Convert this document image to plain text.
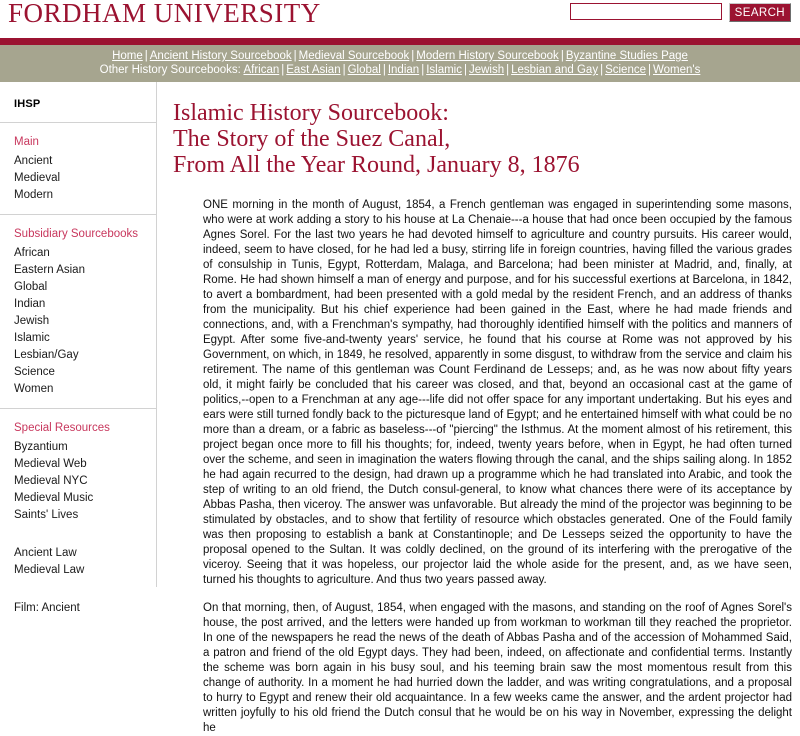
FORDHAM UNIVERSITY	SEARCH
Home | Ancient History Sourcebook | Medieval Sourcebook | Modern History Sourcebook | Byzantine Studies Page
Other History Sourcebooks: African | East Asian | Global | Indian | Islamic | Jewish | Lesbian and Gay | Science | Women's
IHSP
Main
Ancient
Medieval
Modern
Subsidiary Sourcebooks
African
Eastern Asian
Global
Indian
Jewish
Islamic
Lesbian/Gay
Science
Women
Special Resources
Byzantium
Medieval Web
Medieval NYC
Medieval Music
Saints' Lives
Ancient Law
Medieval Law
Film: Ancient
Islamic History Sourcebook:
The Story of the Suez Canal,
From All the Year Round, January 8, 1876

ONE morning in the month of August, 1854, a French gentleman was engaged in superintending some masons, who were at work adding a story to his house at La Chenaie---a house that had once been occupied by the famous Agnes Sorel. For the last two years he had devoted himself to agriculture and country pursuits. His career would, indeed, seem to have closed, for he had led a busy, stirring life in foreign countries, having filled the various grades of consulship in Tunis, Egypt, Rotterdam, Malaga, and Barcelona; had been minister at Madrid, and, finally, at Rome. He had shown himself a man of energy and purpose, and for his successful exertions at Barcelona, in 1842, to avert a bombardment, had been presented with a gold medal by the resident French, and an address of thanks from the municipality. But his chief experience had been gained in the East, where he had made friends and connections, and, with a Frenchman's sympathy, had thoroughly identified himself with the politics and manners of Egypt. After some five-and-twenty years' service, he found that his course at Rome was not approved by his Government, on which, in 1849, he resolved, apparently in some disgust, to withdraw from the service and claim his retirement. The name of this gentleman was Count Ferdinand de Lesseps; and, as he was now about fifty years old, it might fairly be concluded that his career was closed, and that, beyond an occasional cast at the game of politics,--open to a Frenchman at any age---life did not offer space for any important undertaking. But his eyes and ears were still turned fondly back to the picturesque land of Egypt; and he entertained himself with what could be no more than a dream, or a fabric as baseless---of "piercing" the Isthmus. At the moment almost of his retirement, this project began once more to fill his thoughts; for, indeed, twenty years before, when in Egypt, he had often turned over the scheme, and seen in imagination the waters flowing through the canal, and the ships sailing along. In 1852 he had again recurred to the design, had drawn up a programme which he had translated into Arabic, and took the step of writing to an old friend, the Dutch consul-general, to know what chances there were of its acceptance by Abbas Pasha, then viceroy. The answer was unfavorable. But already the mind of the projector was beginning to be stimulated by obstacles, and to show that fertility of resource which obstacles generated. One of the Fould family was then proposing to establish a bank at Constantinople; and De Lesseps seized the opportunity to have the proposal opened to the Sultan. It was coldly declined, on the ground of its interfering with the prerogative of the viceroy. Seeing that it was hopeless, our projector laid the whole aside for the present, and, as we have seen, turned his thoughts to agriculture. And thus two years passed away.

On that morning, then, of August, 1854, when engaged with the masons, and standing on the roof of Agnes Sorel's house, the post arrived, and the letters were handed up from workman to workman till they reached the proprietor. In one of the newspapers he read the news of the death of Abbas Pasha and of the accession of Mohammed Said, a patron and friend of the old Egypt days. They had been, indeed, on affectionate and confidential terms. Instantly the scheme was born again in his busy soul, and his teeming brain saw the most momentous result from this change of authority. In a moment he had hurried down the ladder, and was writing congratulations, and a proposal to hurry to Egypt and renew their old acquaintance. In a few weeks came the answer, and the ardent projector had written joyfully to his old friend the Dutch consul that he would be on his way in November, expressing the delight he
